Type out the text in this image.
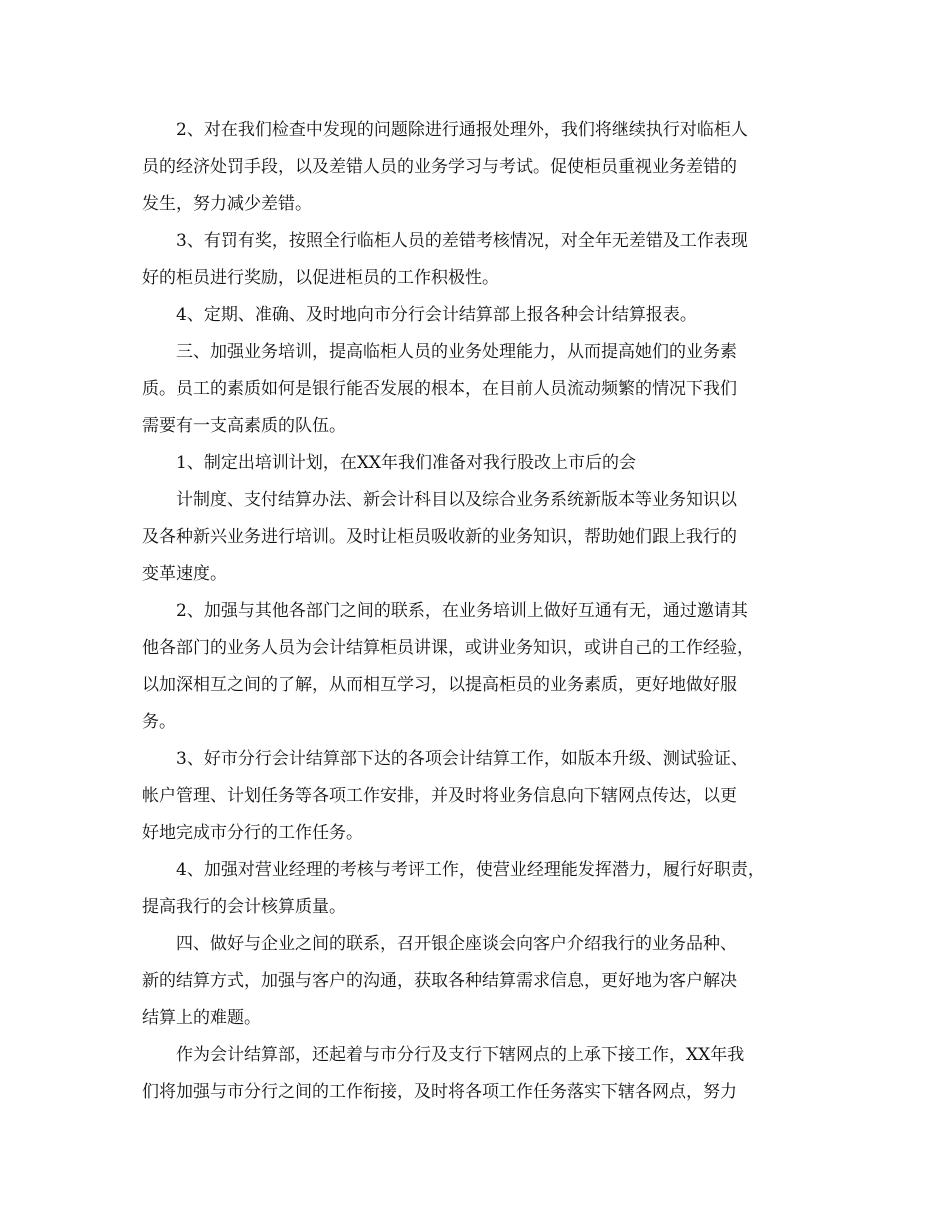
2、对在我们检查中发现的问题除进行通报处理外，我们将继续执行对临柜人
员的经济处罚手段，以及差错人员的业务学习与考试。促使柜员重视业务差错的
发生，努力减少差错。
3、有罚有奖，按照全行临柜人员的差错考核情况，对全年无差错及工作表现
好的柜员进行奖励，以促进柜员的工作积极性。
4、定期、准确、及时地向市分行会计结算部上报各种会计结算报表。
三、加强业务培训，提高临柜人员的业务处理能力，从而提高她们的业务素
质。员工的素质如何是银行能否发展的根本，在目前人员流动频繁的情况下我们
需要有一支高素质的队伍。
1、制定出培训计划，在XX年我们准备对我行股改上市后的会
计制度、支付结算办法、新会计科目以及综合业务系统新版本等业务知识以
及各种新兴业务进行培训。及时让柜员吸收新的业务知识，帮助她们跟上我行的
变革速度。
2、加强与其他各部门之间的联系，在业务培训上做好互通有无，通过邀请其
他各部门的业务人员为会计结算柜员讲课，或讲业务知识，或讲自己的工作经验，
以加深相互之间的了解，从而相互学习，以提高柜员的业务素质，更好地做好服
务。
3、好市分行会计结算部下达的各项会计结算工作，如版本升级、测试验证、
帐户管理、计划任务等各项工作安排，并及时将业务信息向下辖网点传达，以更
好地完成市分行的工作任务。
4、加强对营业经理的考核与考评工作，使营业经理能发挥潜力，履行好职责，
提高我行的会计核算质量。
四、做好与企业之间的联系，召开银企座谈会向客户介绍我行的业务品种、
新的结算方式，加强与客户的沟通，获取各种结算需求信息，更好地为客户解决
结算上的难题。
作为会计结算部，还起着与市分行及支行下辖网点的上承下接工作，XX年我
们将加强与市分行之间的工作衔接，及时将各项工作任务落实下辖各网点，努力
